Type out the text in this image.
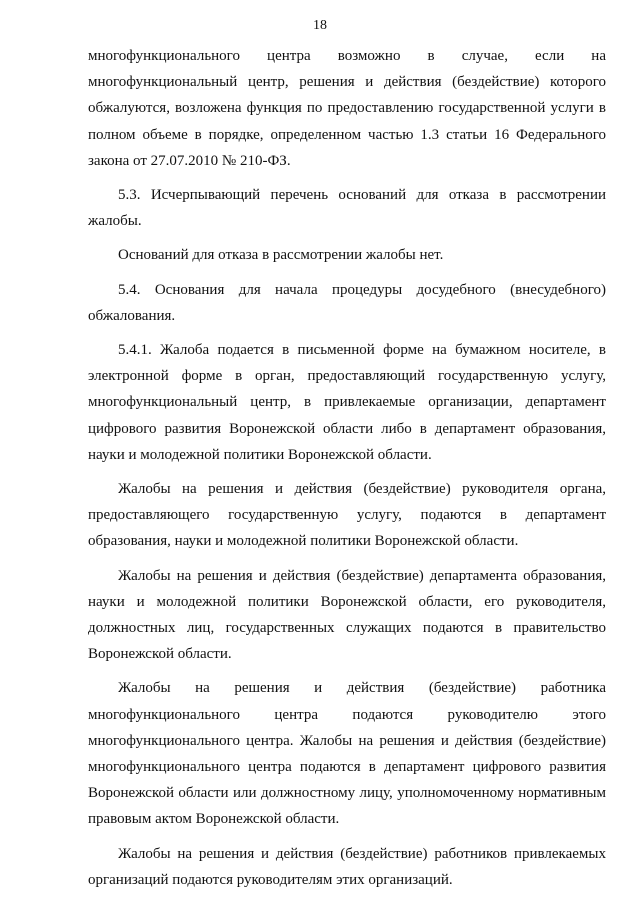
18

многофункционального центра возможно в случае, если на многофункциональный центр, решения и действия (бездействие) которого обжалуются, возложена функция по предоставлению государственной услуги в полном объеме в порядке, определенном частью 1.3 статьи 16 Федерального закона от 27.07.2010 № 210-ФЗ.

5.3. Исчерпывающий перечень оснований для отказа в рассмотрении жалобы.

Оснований для отказа в рассмотрении жалобы нет.

5.4. Основания для начала процедуры досудебного (внесудебного) обжалования.

5.4.1. Жалоба подается в письменной форме на бумажном носителе, в электронной форме в орган, предоставляющий государственную услугу, многофункциональный центр, в привлекаемые организации, департамент цифрового развития Воронежской области либо в департамент образования, науки и молодежной политики Воронежской области.

Жалобы на решения и действия (бездействие) руководителя органа, предоставляющего государственную услугу, подаются в департамент образования, науки и молодежной политики Воронежской области.

Жалобы на решения и действия (бездействие) департамента образования, науки и молодежной политики Воронежской области, его руководителя, должностных лиц, государственных служащих подаются в правительство Воронежской области.

Жалобы на решения и действия (бездействие) работника многофункционального центра подаются руководителю этого многофункционального центра. Жалобы на решения и действия (бездействие) многофункционального центра подаются в департамент цифрового развития Воронежской области или должностному лицу, уполномоченному нормативным правовым актом Воронежской области.

Жалобы на решения и действия (бездействие) работников привлекаемых организаций подаются руководителям этих организаций.
